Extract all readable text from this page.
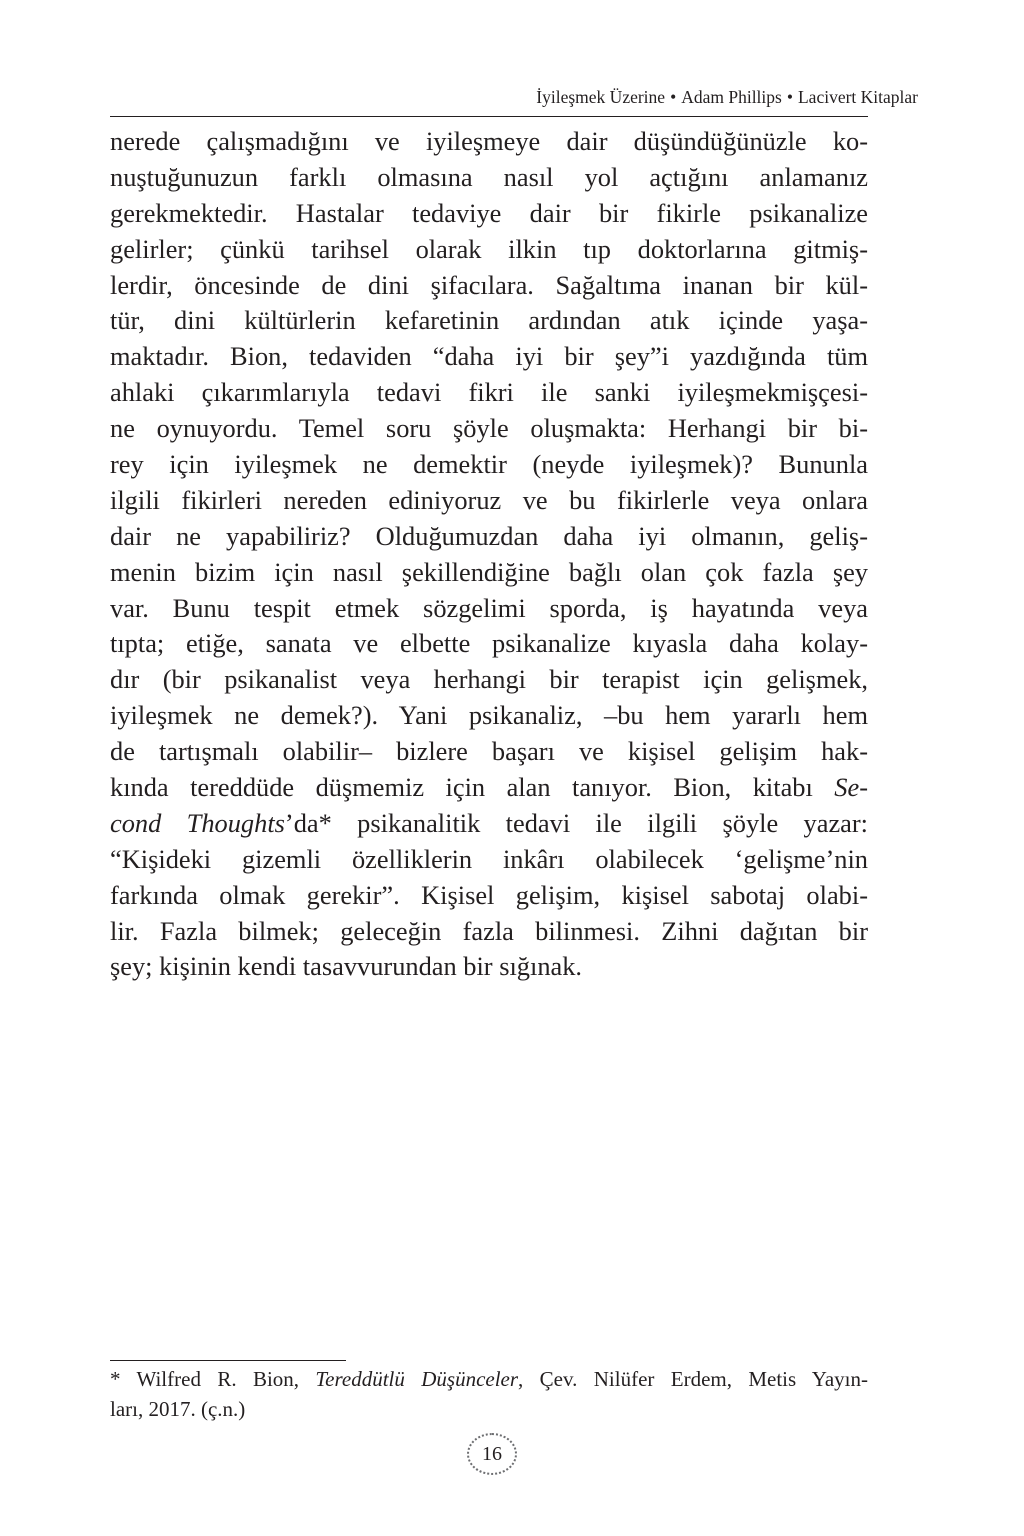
İyileşmek Üzerine • Adam Phillips • Lacivert Kitaplar
nerede çalışmadığını ve iyileşmeye dair düşündüğünüzle ko-
nuştuğunuzun farklı olmasına nasıl yol açtığını anlamanız
gerekmektedir. Hastalar tedaviye dair bir fikirle psikanalize
gelirler; çünkü tarihsel olarak ilkin tıp doktorlarına gitmiş-
lerdir, öncesinde de dini şifacılara. Sağaltıma inanan bir kül-
tür, dini kültürlerin kefaretinin ardından atık içinde yaşa-
maktadır. Bion, tedaviden “daha iyi bir şey”i yazdığında tüm
ahlaki çıkarımlarıyla tedavi fikri ile sanki iyileşmekmişçesi-
ne oynuyordu. Temel soru şöyle oluşmakta: Herhangi bir bi-
rey için iyileşmek ne demektir (neyde iyileşmek)? Bununla
ilgili fikirleri nereden ediniyoruz ve bu fikirlerle veya onlara
dair ne yapabiliriz? Olduğumuzdan daha iyi olmanın, geliş-
menin bizim için nasıl şekillendiğine bağlı olan çok fazla şey
var. Bunu tespit etmek sözgelimi sporda, iş hayatında veya
tıpta; etiğe, sanata ve elbette psikanalize kıyasla daha kolay-
dır (bir psikanalist veya herhangi bir terapist için gelişmek,
iyileşmek ne demek?). Yani psikanaliz, –bu hem yararlı hem
de tartışmalı olabilir– bizlere başarı ve kişisel gelişim hak-
kında tereddüde düşmemiz için alan tanıyor. Bion, kitabı Se-
cond Thoughts’da* psikanalitik tedavi ile ilgili şöyle yazar:
“Kişideki gizemli özelliklerin inkârı olabilecek ‘gelişme’nin
farkında olmak gerekir”. Kişisel gelişim, kişisel sabotaj olabi-
lir. Fazla bilmek; geleceğin fazla bilinmesi. Zihni dağıtan bir
şey; kişinin kendi tasavvurundan bir sığınak.
* Wilfred R. Bion, Tereddütlü Düşünceler, Çev. Nilüfer Erdem, Metis Yayın-
ları, 2017. (ç.n.)
16
